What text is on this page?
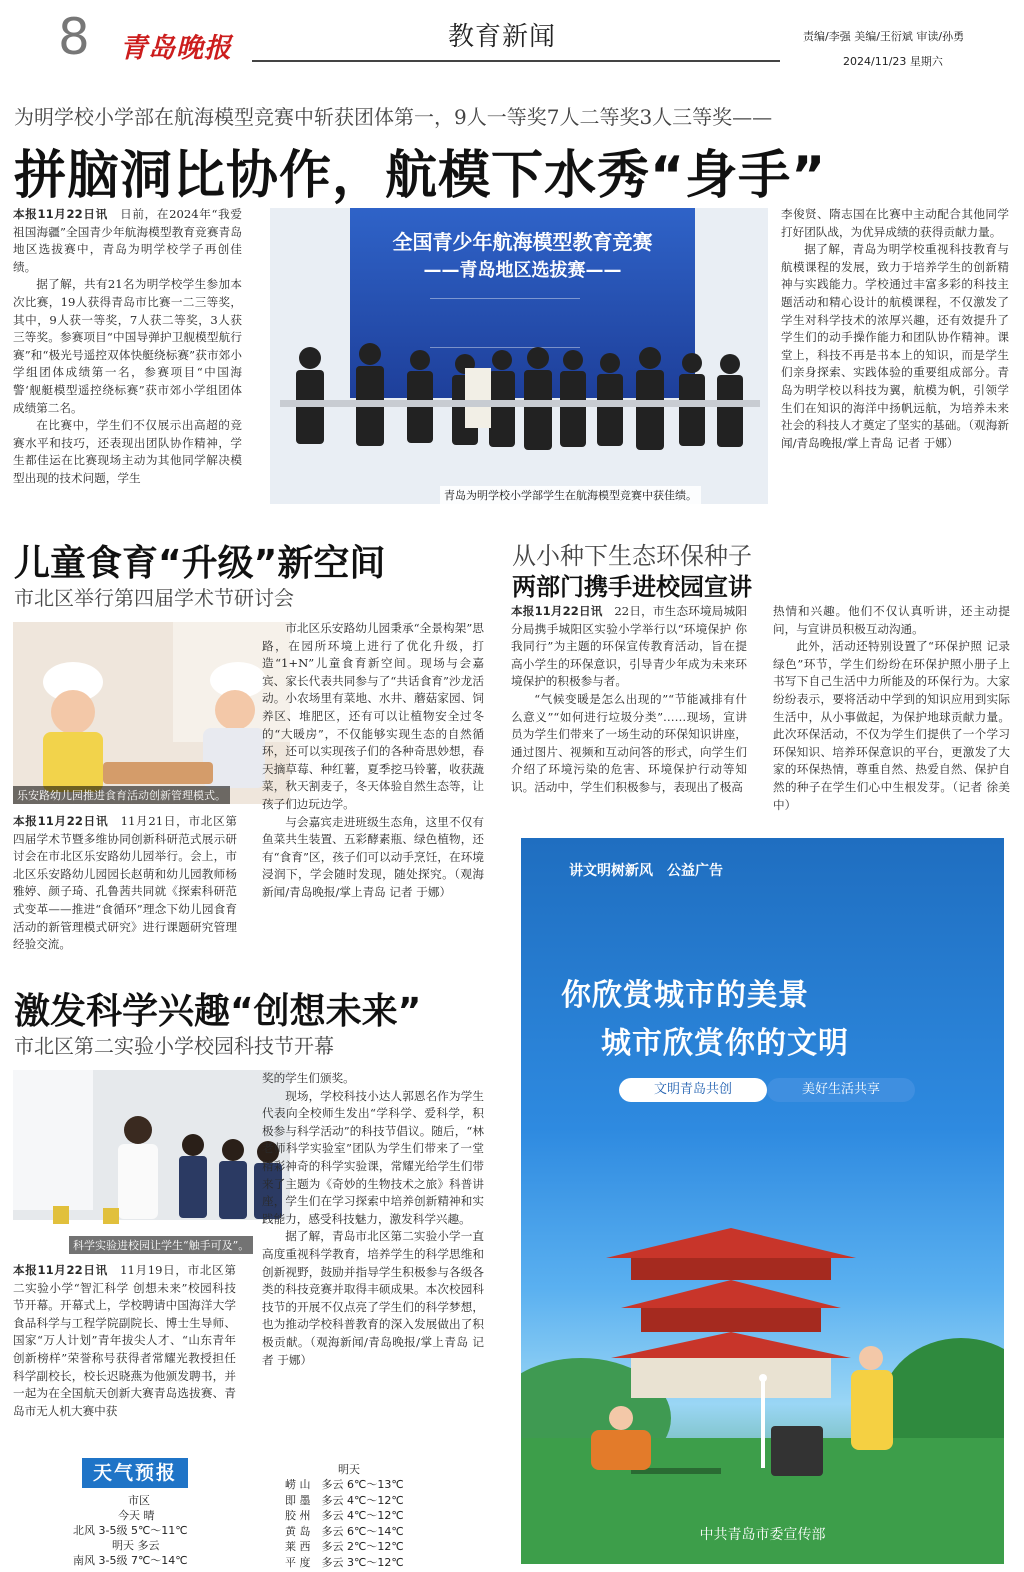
8 青岛晚报	教育新闻	责编/李强 美编/王衍斌 审读/孙勇
2024/11/23 星期六
为明学校小学部在航海模型竞赛中斩获团体第一，9人一等奖7人二等奖3人三等奖——
拼脑洞比协作，航模下水秀“身手”

本报11月22日讯　 日前，在2024年“我爱祖国海疆”全国青少年航海模型教育竞赛青岛地区选拔赛中，青岛为明学校学子再创佳绩。

据了解，共有21名为明学校学生参加本次比赛，19人获得青岛市比赛一二三等奖，其中，9人获一等奖，7人获二等奖，3人获三等奖。参赛项目“中国导弹护卫舰模型航行赛”和“极光号遥控双体快艇绕标赛”获市郊小学组团体成绩第一名，参赛项目“中国海警‘舰艇模型遥控绕标赛”获市郊小学组团体成绩第二名。

在比赛中，学生们不仅展示出高超的竞赛水平和技巧，还表现出团队协作精神，学生都佳运在比赛现场主动为其他同学解决模型出现的技术问题，学生

全国青少年航海模型教育竞赛
——青岛地区选拔赛——
青岛为明学校小学部学生在航海模型竞赛中获佳绩。

李俊贤、隋志国在比赛中主动配合其他同学打好团队战，为优异成绩的获得贡献力量。

据了解，青岛为明学校重视科技教育与航模课程的发展，致力于培养学生的创新精神与实践能力。学校通过丰富多彩的科技主题活动和精心设计的航模课程，不仅激发了学生对科学技术的浓厚兴趣，还有效提升了学生们的动手操作能力和团队协作精神。课堂上，科技不再是书本上的知识，而是学生们亲身探索、实践体验的重要组成部分。青岛为明学校以科技为翼，航模为帆，引领学生们在知识的海洋中扬帆远航，为培养未来社会的科技人才奠定了坚实的基础。（观海新闻/青岛晚报/掌上青岛 记者 于娜）

儿童食育“升级”新空间
市北区举行第四届学术节研讨会
乐安路幼儿园推进食育活动创新管理模式。

本报11月22日讯　 11月21日，市北区第四届学术节暨多维协同创新科研范式展示研讨会在市北区乐安路幼儿园举行。会上，市北区乐安路幼儿园园长赵萌和幼儿园教师杨雅婷、颜子琦、孔鲁茜共同就《探索科研范式变革——推进“食循环”理念下幼儿园食育活动的新管理模式研究》进行课题研究管理经验交流。

市北区乐安路幼儿园秉承“全景构架”思路，在园所环境上进行了优化升级，打造“1+N”儿童食育新空间。现场与会嘉宾、家长代表共同参与了“共话食育”沙龙活动。小农场里有菜地、水井、蘑菇家园、饲养区、堆肥区，还有可以让植物安全过冬的“大暖房”，不仅能够实现生态的自然循环，还可以实现孩子们的各种奇思妙想，春天摘草莓、种红薯，夏季挖马铃薯，收获蔬菜，秋天割麦子，冬天体验自然生态等，让孩子们边玩边学。

与会嘉宾走进班级生态角，这里不仅有鱼菜共生装置、五彩酵素瓶、绿色植物，还有“食育”区，孩子们可以动手烹饪，在环境浸润下，学会随时发现，随处探究。（观海新闻/青岛晚报/掌上青岛 记者 于娜）

从小种下生态环保种子
两部门携手进校园宣讲

本报11月22日讯　 22日，市生态环境局城阳分局携手城阳区实验小学举行以“环境保护 你我同行”为主题的环保宣传教育活动，旨在提高小学生的环保意识，引导青少年成为未来环境保护的积极参与者。

“气候变暖是怎么出现的”“节能减排有什么意义”“如何进行垃圾分类”……现场，宣讲员为学生们带来了一场生动的环保知识讲座，通过图片、视频和互动问答的形式，向学生们介绍了环境污染的危害、环境保护行动等知识。活动中，学生们积极参与，表现出了极高

热情和兴趣。他们不仅认真听讲，还主动提问，与宣讲员积极互动沟通。

此外，活动还特别设置了“环保护照 记录绿色”环节，学生们纷纷在环保护照小册子上书写下自己生活中力所能及的环保行为。大家纷纷表示，要将活动中学到的知识应用到实际生活中，从小事做起，为保护地球贡献力量。此次环保活动，不仅为学生们提供了一个学习环保知识、培养环保意识的平台，更激发了大家的环保热情，尊重自然、热爱自然、保护自然的种子在学生们心中生根发芽。（记者 徐美中）

激发科学兴趣“创想未来”
市北区第二实验小学校园科技节开幕
科学实验进校园让学生“触手可及”。

本报11月22日讯　 11月19日，市北区第二实验小学“智汇科学 创想未来”校园科技节开幕。开幕式上，学校聘请中国海洋大学食品科学与工程学院副院长、博士生导师、国家“万人计划”青年拔尖人才、“山东青年创新榜样”荣誉称号获得者常耀光教授担任科学副校长，校长迟晓燕为他颁发聘书，并一起为在全国航天创新大赛青岛选拔赛、青岛市无人机大赛中获

奖的学生们颁奖。

现场，学校科技小达人郭恩名作为学生代表向全校师生发出“学科学、爱科学，积极参与科学活动”的科技节倡议。随后，“林老师科学实验室”团队为学生们带来了一堂精彩神奇的科学实验课，常耀光给学生们带来了主题为《奇妙的生物技术之旅》科普讲座，学生们在学习探索中培养创新精神和实践能力，感受科技魅力，激发科学兴趣。

据了解，青岛市北区第二实验小学一直高度重视科学教育，培养学生的科学思维和创新视野，鼓励并指导学生积极参与各级各类的科技竞赛并取得丰硕成果。本次校园科技节的开展不仅点亮了学生们的科学梦想，也为推动学校科普教育的深入发展做出了积极贡献。（观海新闻/青岛晚报/掌上青岛 记者 于娜）

讲文明树新风　公益广告
你欣赏城市的美景
城市欣赏你的文明
文明青岛共创	美好生活共享
中共青岛市委宣传部
天气预报
市区
今天 晴
北风 3-5级 5℃～11℃
明天 多云
南风 3-5级 7℃～14℃
明天
崂 山　 多云 6℃～13℃
即 墨　 多云 4℃～12℃
胶 州　 多云 4℃～12℃
黄 岛　 多云 6℃～14℃
莱 西　 多云 2℃～12℃
平 度　 多云 3℃～12℃
